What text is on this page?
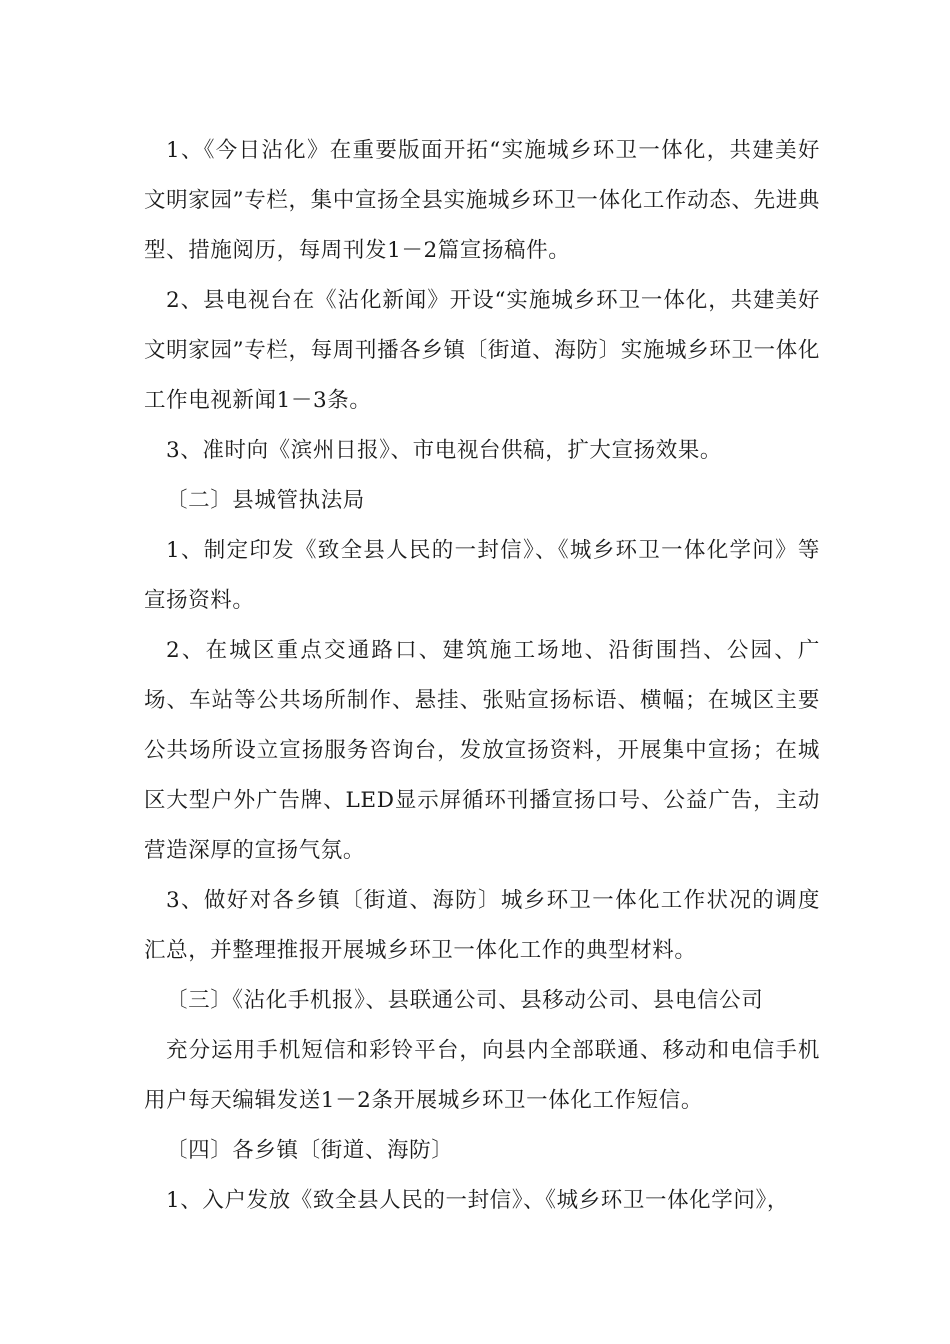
1、《今日沾化》在重要版面开拓“实施城乡环卫一体化，共建美好文明家园”专栏，集中宣扬全县实施城乡环卫一体化工作动态、先进典型、措施阅历，每周刊发1－2篇宣扬稿件。

2、县电视台在《沾化新闻》开设“实施城乡环卫一体化，共建美好文明家园”专栏，每周刊播各乡镇〔街道、海防〕实施城乡环卫一体化工作电视新闻1－3条。

3、准时向《滨州日报》、市电视台供稿，扩大宣扬效果。

〔二〕县城管执法局

1、制定印发《致全县人民的一封信》、《城乡环卫一体化学问》等宣扬资料。

2、在城区重点交通路口、建筑施工场地、沿街围挡、公园、广场、车站等公共场所制作、悬挂、张贴宣扬标语、横幅；在城区主要公共场所设立宣扬服务咨询台，发放宣扬资料，开展集中宣扬；在城区大型户外广告牌、LED显示屏循环刊播宣扬口号、公益广告，主动营造深厚的宣扬气氛。

3、做好对各乡镇〔街道、海防〕城乡环卫一体化工作状况的调度汇总，并整理推报开展城乡环卫一体化工作的典型材料。

〔三〕《沾化手机报》、县联通公司、县移动公司、县电信公司

充分运用手机短信和彩铃平台，向县内全部联通、移动和电信手机用户每天编辑发送1－2条开展城乡环卫一体化工作短信。

〔四〕各乡镇〔街道、海防〕

1、入户发放《致全县人民的一封信》、《城乡环卫一体化学问》，
